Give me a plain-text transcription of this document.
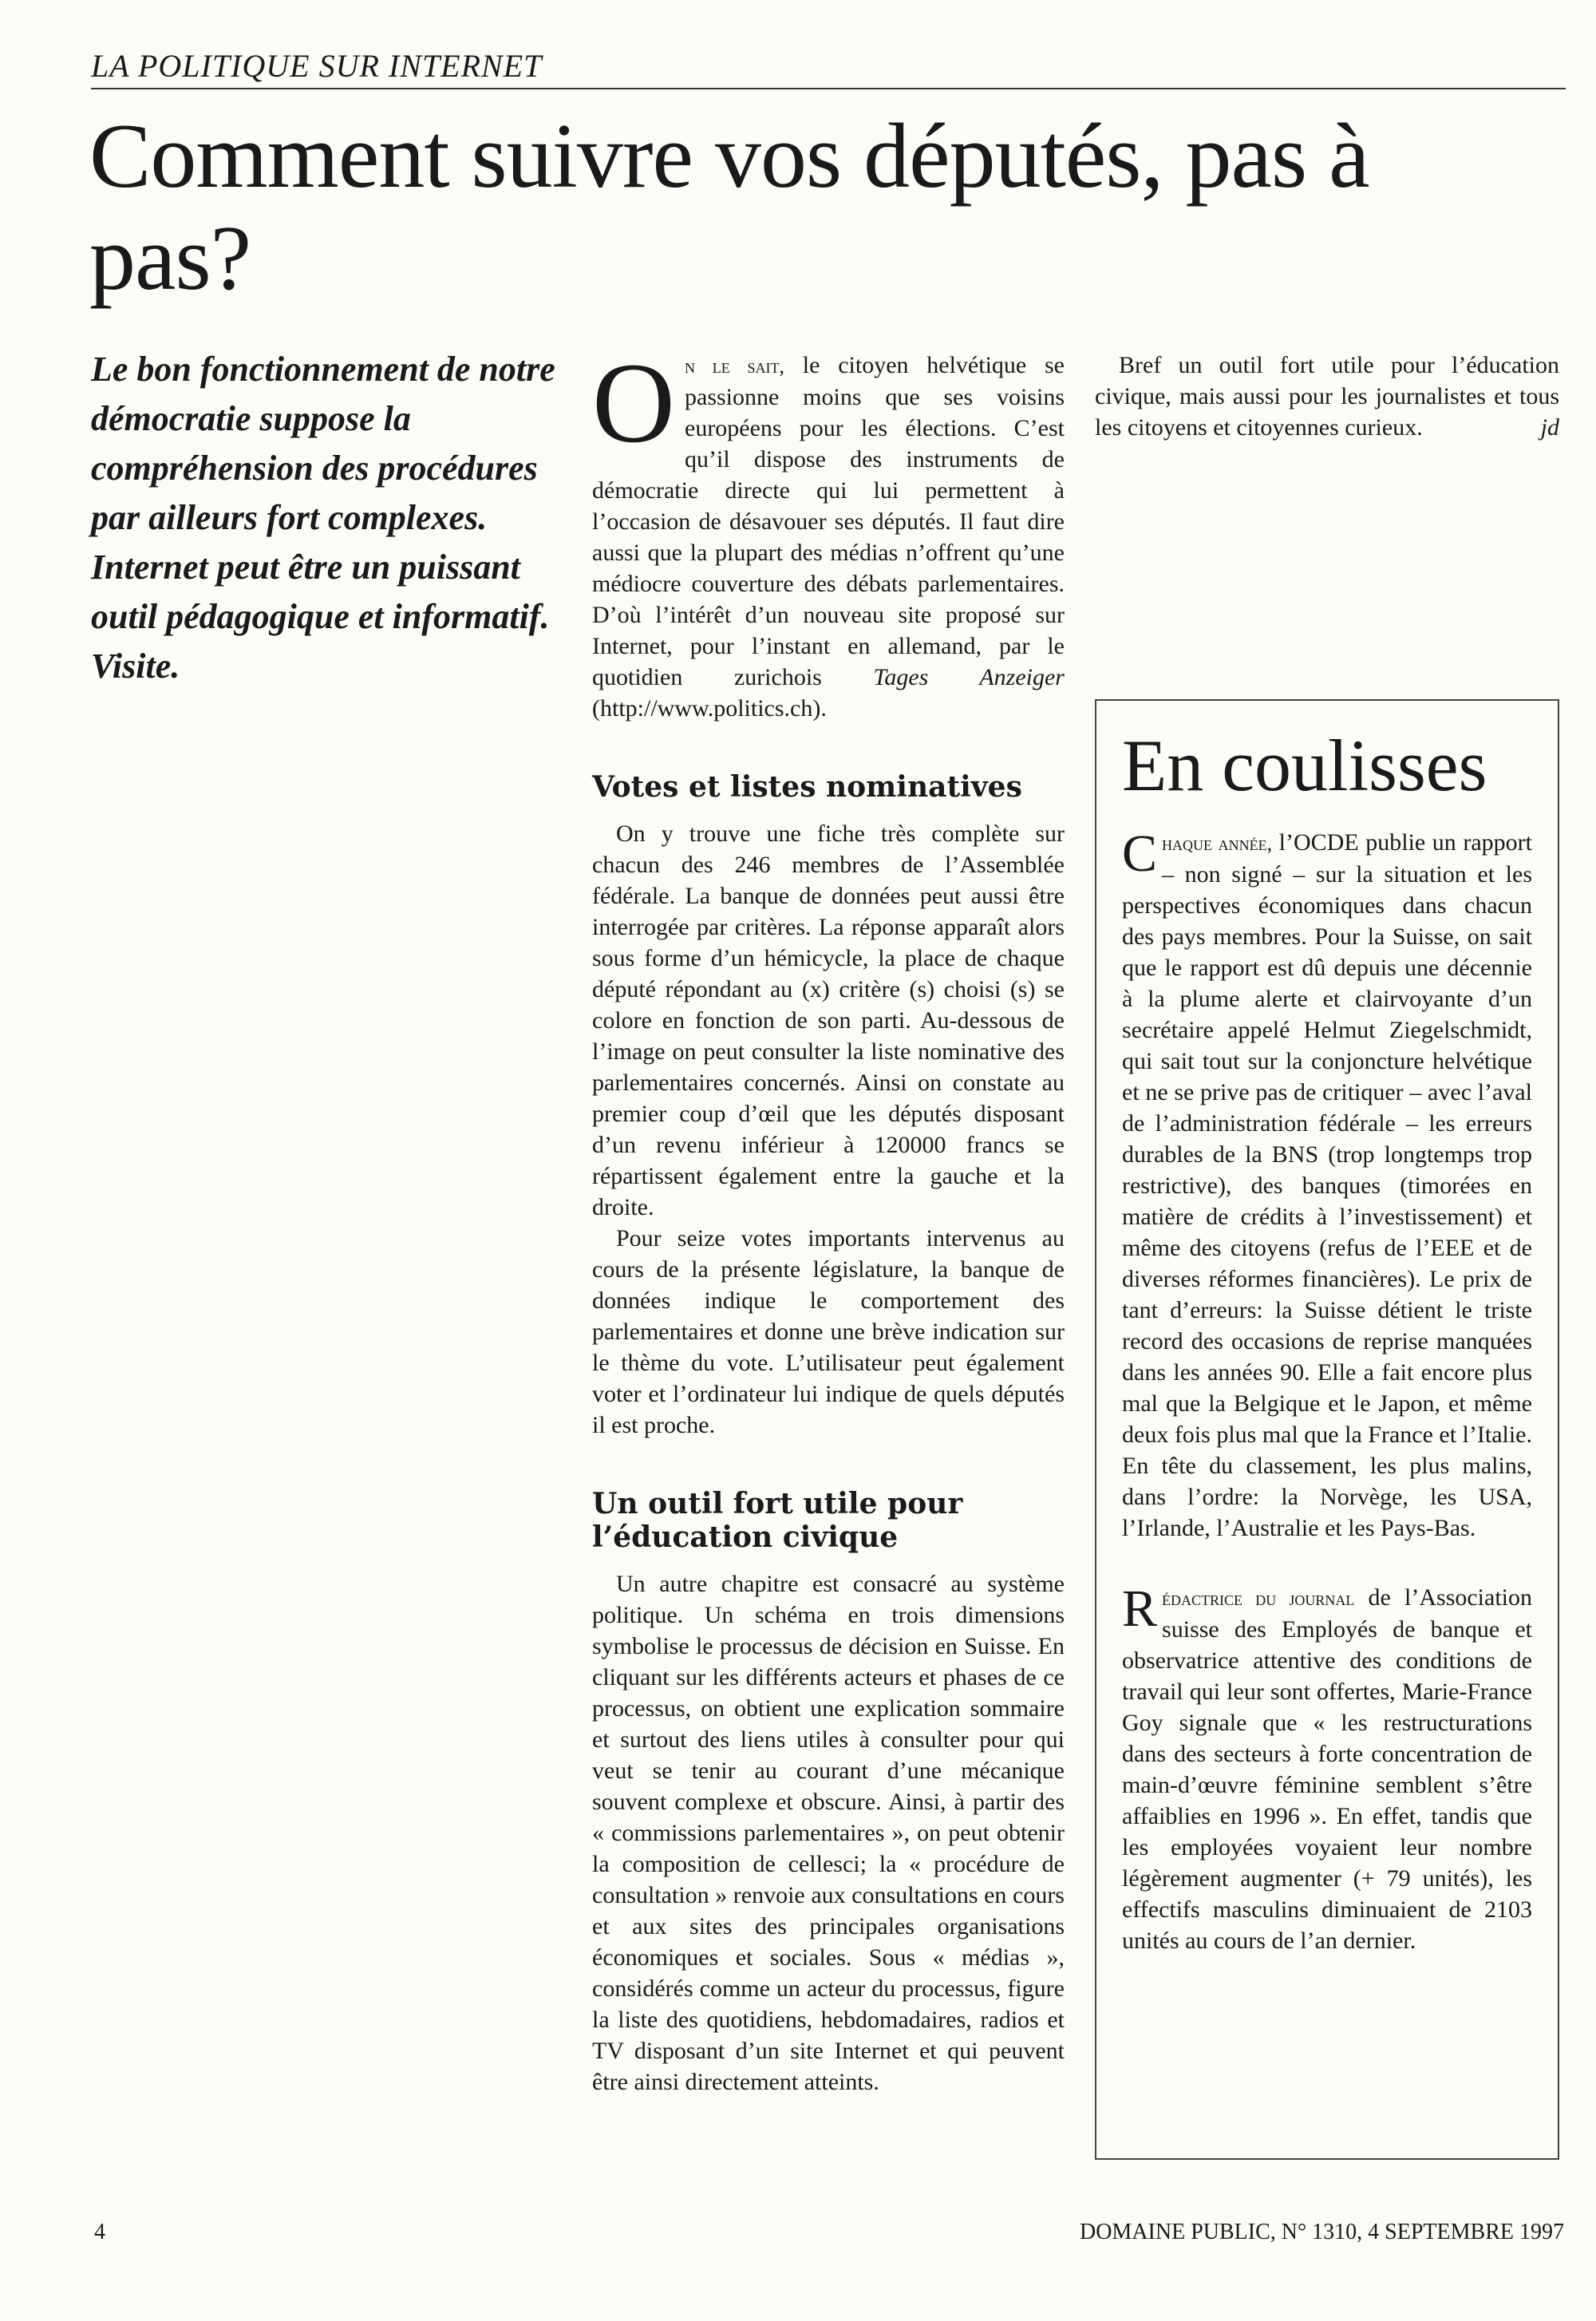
LA POLITIQUE SUR INTERNET
Comment suivre vos députés, pas à pas?
Le bon fonctionnement de notre démocratie suppose la compréhension des procédures par ailleurs fort complexes. Internet peut être un puissant outil pédagogique et informatif. Visite.

On le sait, le citoyen helvétique se passionne moins que ses voisins européens pour les élections. C’est qu’il dispose des instruments de démocratie directe qui lui permettent à l’occasion de désavouer ses députés. Il faut dire aussi que la plupart des médias n’offrent qu’une médiocre couverture des débats parlementaires. D’où l’intérêt d’un nouveau site proposé sur Internet, pour l’instant en allemand, par le quotidien zurichois Tages Anzeiger (http://www.politics.ch).

Votes et listes nominatives

On y trouve une fiche très complète sur chacun des 246 membres de l’Assemblée fédérale. La banque de données peut aussi être interrogée par critères. La réponse apparaît alors sous forme d’un hémicycle, la place de chaque député répondant au (x) critère (s) choisi (s) se colore en fonction de son parti. Au-dessous de l’image on peut consulter la liste nominative des parlementaires concernés. Ainsi on constate au premier coup d’œil que les députés disposant d’un revenu inférieur à 120000 francs se répartissent également entre la gauche et la droite.

Pour seize votes importants intervenus au cours de la présente législature, la banque de données indique le comportement des parlementaires et donne une brève indication sur le thème du vote. L’utilisateur peut également voter et l’ordinateur lui indique de quels députés il est proche.

Un outil fort utile pour l’éducation civique

Un autre chapitre est consacré au système politique. Un schéma en trois dimensions symbolise le processus de décision en Suisse. En cliquant sur les différents acteurs et phases de ce processus, on obtient une explication sommaire et surtout des liens utiles à consulter pour qui veut se tenir au courant d’une mécanique souvent complexe et obscure. Ainsi, à partir des « commissions parlementaires », on peut obtenir la composition de cellesci; la « procédure de consultation » renvoie aux consultations en cours et aux sites des principales organisations économiques et sociales. Sous « médias », considérés comme un acteur du processus, figure la liste des quotidiens, hebdomadaires, radios et TV disposant d’un site Internet et qui peuvent être ainsi directement atteints.

Bref un outil fort utile pour l’éducation civique, mais aussi pour les journalistes et tous les citoyens et citoyennes curieux.	jd

En coulisses

Chaque année, l’OCDE publie un rapport – non signé – sur la situation et les perspectives économiques dans chacun des pays membres. Pour la Suisse, on sait que le rapport est dû depuis une décennie à la plume alerte et clairvoyante d’un secrétaire appelé Helmut Ziegelschmidt, qui sait tout sur la conjoncture helvétique et ne se prive pas de critiquer – avec l’aval de l’administration fédérale – les erreurs durables de la BNS (trop longtemps trop restrictive), des banques (timorées en matière de crédits à l’investissement) et même des citoyens (refus de l’EEE et de diverses réformes financières). Le prix de tant d’erreurs: la Suisse détient le triste record des occasions de reprise manquées dans les années 90. Elle a fait encore plus mal que la Belgique et le Japon, et même deux fois plus mal que la France et l’Italie. En tête du classement, les plus malins, dans l’ordre: la Norvège, les USA, l’Irlande, l’Australie et les Pays-Bas.

Rédactrice du journal de l’Association suisse des Employés de banque et observatrice attentive des conditions de travail qui leur sont offertes, Marie-France Goy signale que « les restructurations dans des secteurs à forte concentration de main-d’œuvre féminine semblent s’être affaiblies en 1996 ». En effet, tandis que les employées voyaient leur nombre légèrement augmenter (+ 79 unités), les effectifs masculins diminuaient de 2103 unités au cours de l’an dernier.

4	DOMAINE PUBLIC, N° 1310, 4 SEPTEMBRE 1997
